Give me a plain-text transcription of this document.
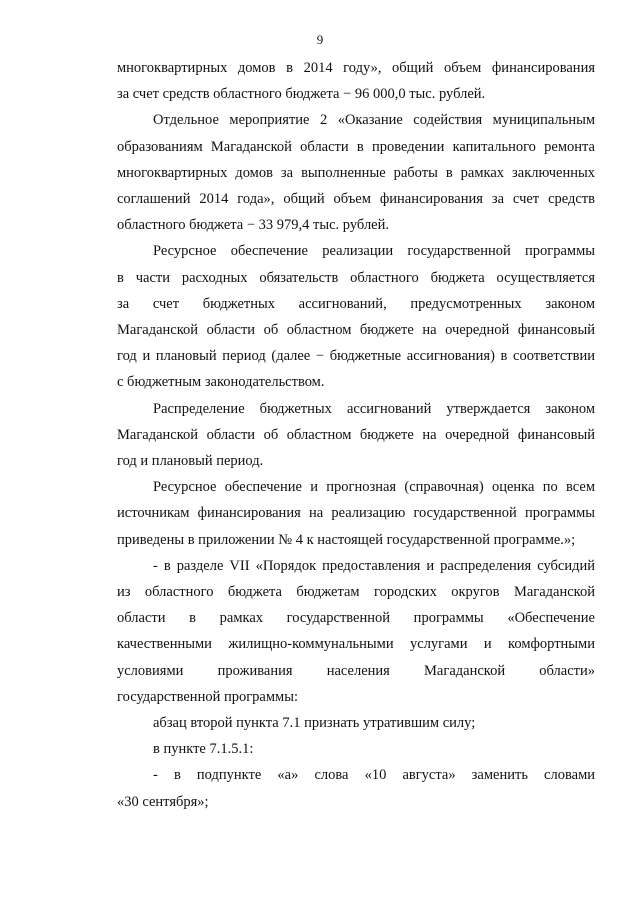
9
многоквартирных домов в 2014 году», общий объем финансирования
за счет средств областного бюджета − 96 000,0 тыс. рублей.
Отдельное мероприятие 2 «Оказание содействия муниципальным
образованиям Магаданской области в проведении капитального ремонта
многоквартирных домов за выполненные работы в рамках заключенных
соглашений 2014 года», общий объем финансирования за счет средств
областного бюджета − 33 979,4 тыс. рублей.
Ресурсное обеспечение реализации государственной программы
в части расходных обязательств областного бюджета осуществляется
за счет бюджетных ассигнований, предусмотренных законом
Магаданской области об областном бюджете на очередной финансовый
год и плановый период (далее − бюджетные ассигнования) в соответствии
с бюджетным законодательством.
Распределение бюджетных ассигнований утверждается законом
Магаданской области об областном бюджете на очередной финансовый
год и плановый период.
Ресурсное обеспечение и прогнозная (справочная) оценка по всем
источникам финансирования на реализацию государственной программы
приведены в приложении № 4 к настоящей государственной программе.»;
- в разделе VII «Порядок предоставления и распределения субсидий
из областного бюджета бюджетам городских округов Магаданской
области в рамках государственной программы «Обеспечение
качественными жилищно-коммунальными услугами и комфортными
условиями проживания населения Магаданской области»
государственной программы:
абзац второй пункта 7.1 признать утратившим силу;
в пункте 7.1.5.1:
- в подпункте «а» слова «10 августа» заменить словами
«30 сентября»;
